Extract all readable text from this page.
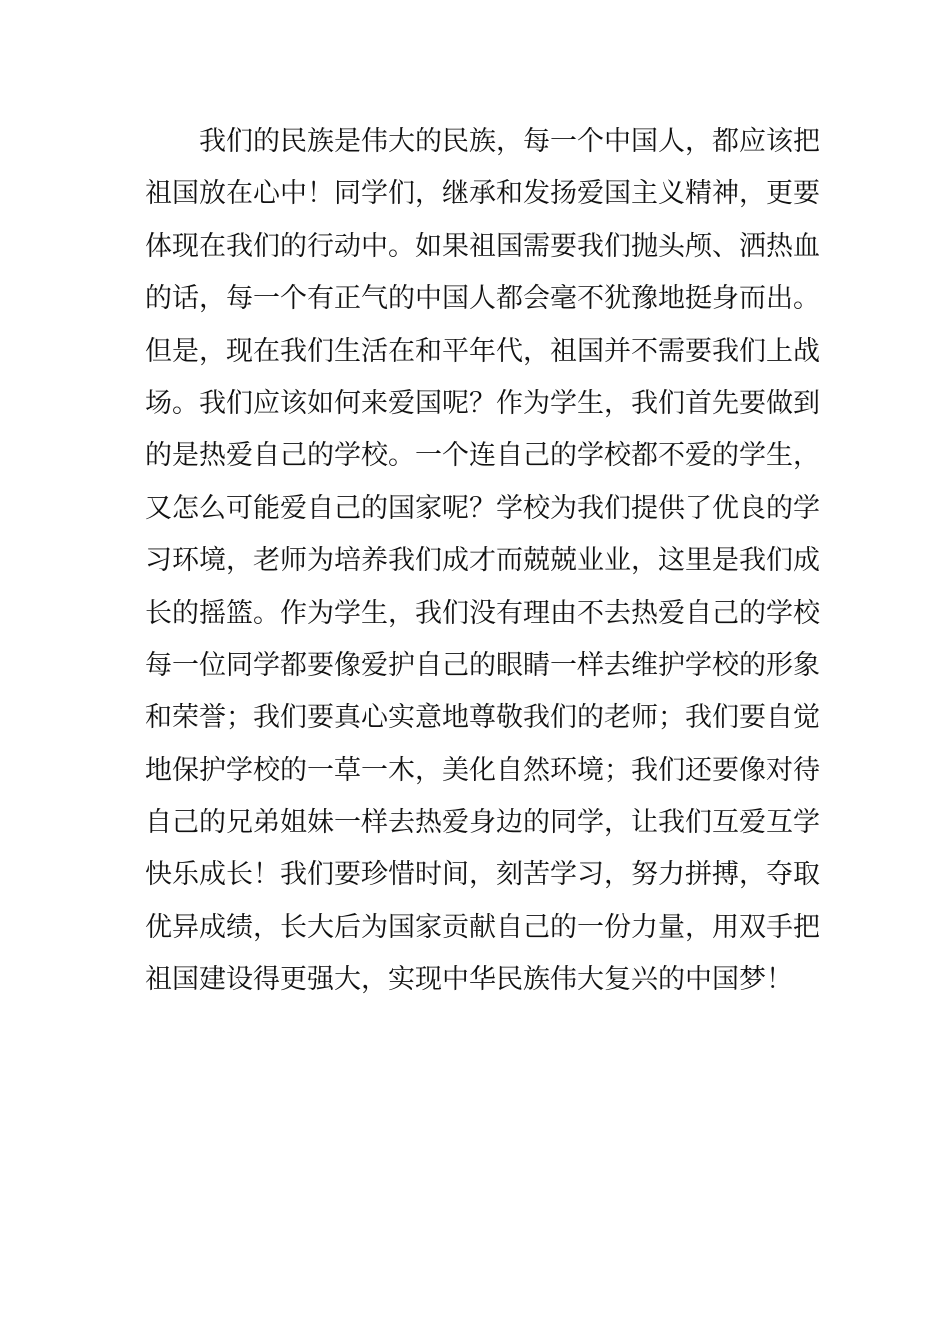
我们的民族是伟大的民族，每一个中国人，都应该把
祖国放在心中！同学们，继承和发扬爱国主义精神，更要
体现在我们的行动中。如果祖国需要我们抛头颅、洒热血
的话，每一个有正气的中国人都会毫不犹豫地挺身而出。
但是，现在我们生活在和平年代，祖国并不需要我们上战
场。我们应该如何来爱国呢？作为学生，我们首先要做到
的是热爱自己的学校。一个连自己的学校都不爱的学生，
又怎么可能爱自己的国家呢？学校为我们提供了优良的学
习环境，老师为培养我们成才而兢兢业业，这里是我们成
长的摇篮。作为学生，我们没有理由不去热爱自己的学校
每一位同学都要像爱护自己的眼睛一样去维护学校的形象
和荣誉；我们要真心实意地尊敬我们的老师；我们要自觉
地保护学校的一草一木，美化自然环境；我们还要像对待
自己的兄弟姐妹一样去热爱身边的同学，让我们互爱互学
快乐成长！我们要珍惜时间，刻苦学习，努力拼搏，夺取
优异成绩，长大后为国家贡献自己的一份力量，用双手把
祖国建设得更强大，实现中华民族伟大复兴的中国梦！
